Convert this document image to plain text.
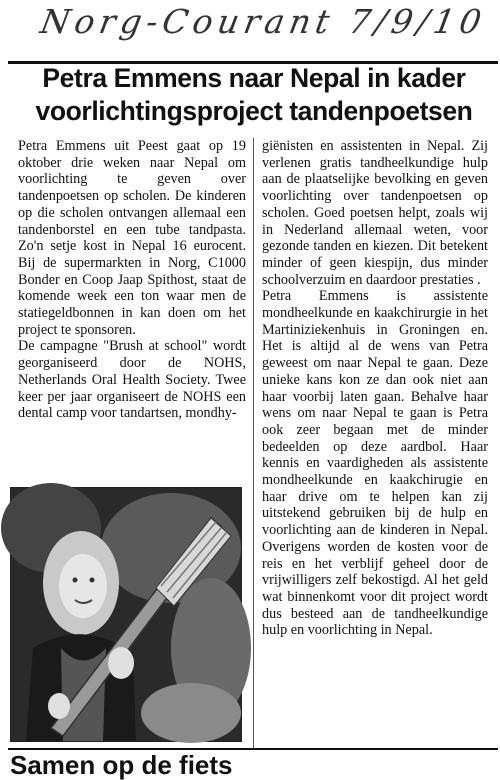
Norg-Courant 7/9/10
Petra Emmens naar Nepal in kader voorlichtingsproject tandenpoetsen

Petra Emmens uit Peest gaat op 19 oktober drie weken naar Nepal om voorlichting te geven over tandenpoetsen op scholen. De kinderen op die scholen ontvangen allemaal een tandenborstel en een tube tandpasta. Zo'n setje kost in Nepal 16 eurocent. Bij de supermarkten in Norg, C1000 Bonder en Coop Jaap Spithost, staat de komende week een ton waar men de statiegeldbonnen in kan doen om het project te sponsoren.

De campagne "Brush at school" wordt georganiseerd door de NOHS, Netherlands Oral Health Society. Twee keer per jaar organiseert de NOHS een dental camp voor tandartsen, mondhy-

giënisten en assistenten in Nepal. Zij verlenen gratis tandheelkundige hulp aan de plaatselijke bevolking en geven voorlichting over tandenpoetsen op scholen. Goed poetsen helpt, zoals wij in Nederland allemaal weten, voor gezonde tanden en kiezen. Dit betekent minder of geen kiespijn, dus minder schoolverzuim en daardoor prestaties .

Petra Emmens is assistente mondheelkunde en kaakchirurgie in het Martiniziekenhuis in Groningen en. Het is altijd al de wens van Petra geweest om naar Nepal te gaan. Deze unieke kans kon ze dan ook niet aan haar voorbij laten gaan. Behalve haar wens om naar Nepal te gaan is Petra ook zeer begaan met de minder bedeelden op deze aardbol. Haar kennis en vaardigheden als assistente mondheelkunde en kaakchirugie en haar drive om te helpen kan zij uitstekend gebruiken bij de hulp en voorlichting aan de kinderen in Nepal. Overigens worden de kosten voor de reis en het verblijf geheel door de vrijwilligers zelf bekostigd. Al het geld wat binnenkomt voor dit project wordt dus besteed aan de tandheelkundige hulp en voorlichting in Nepal.

Samen op de fiets
